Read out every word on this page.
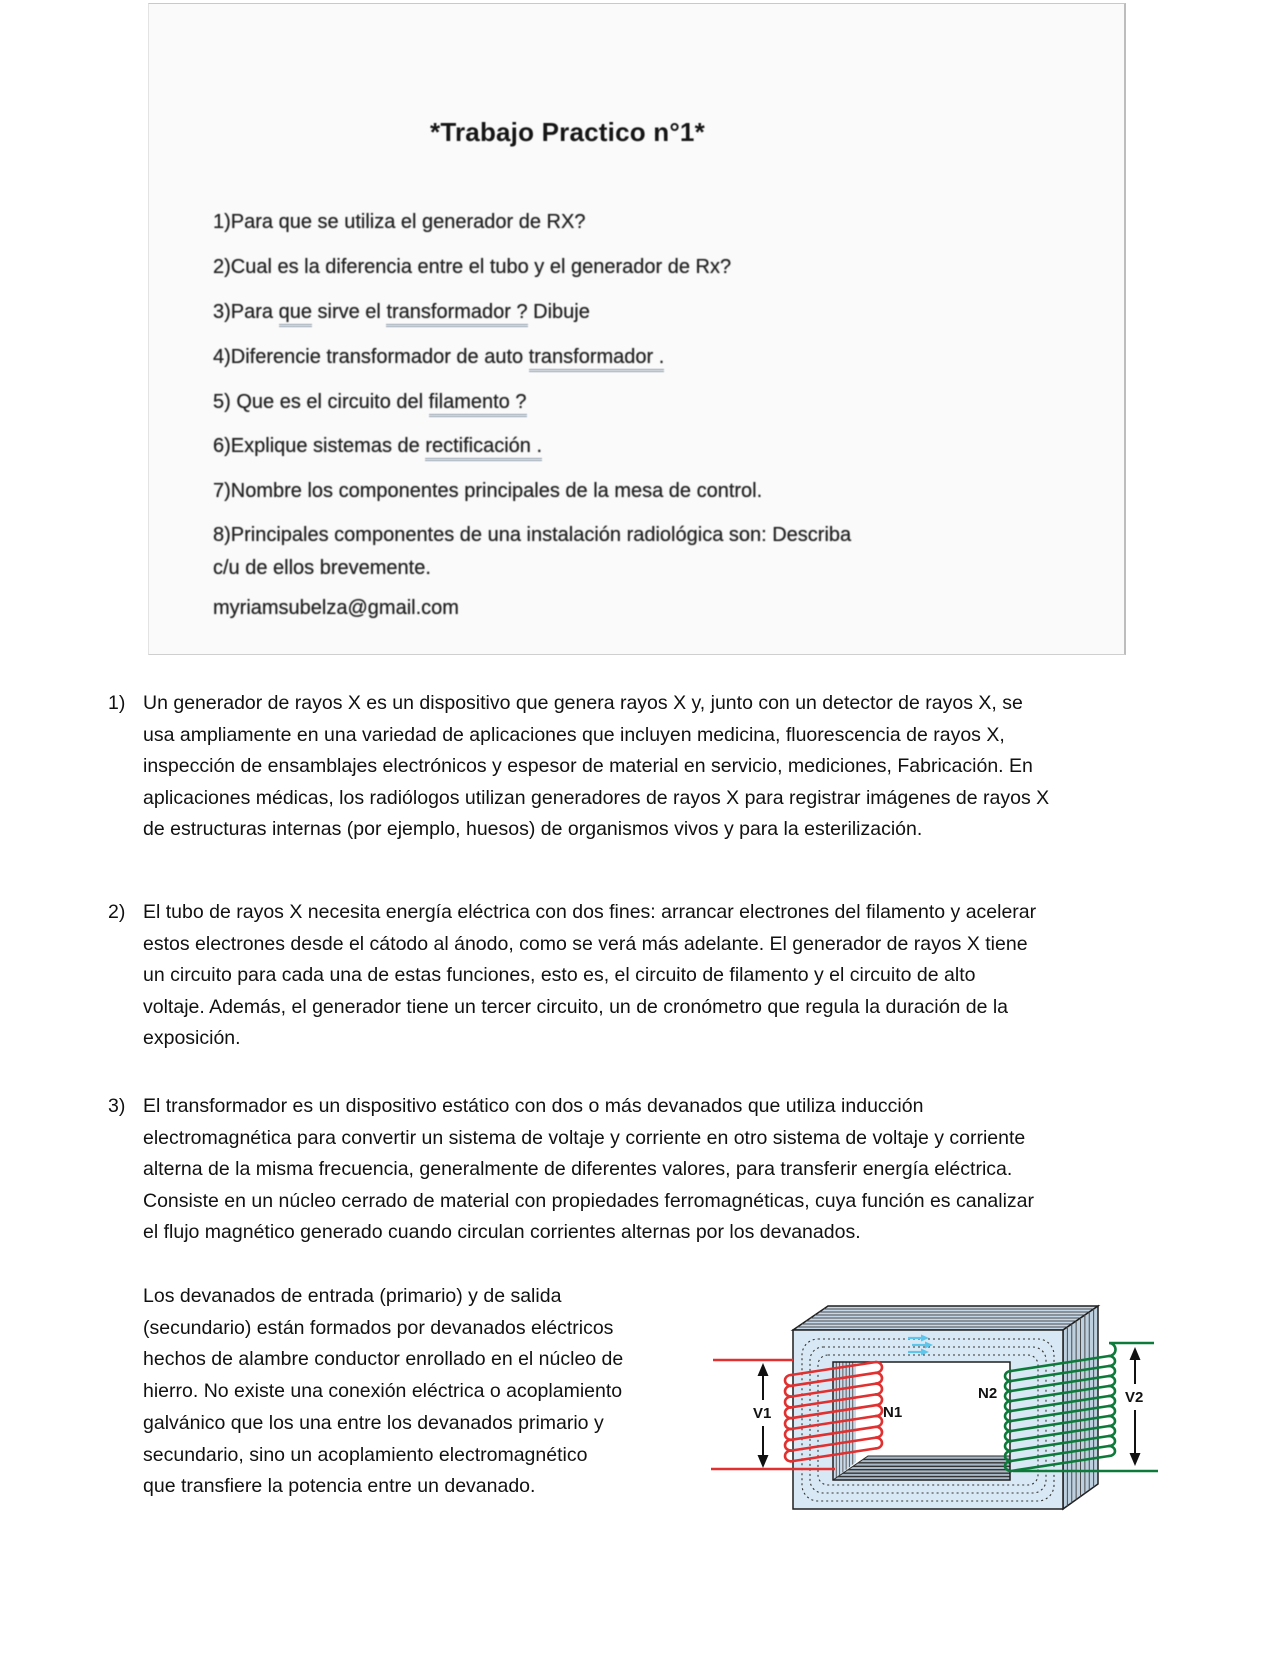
*Trabajo Practico n°1*
1)Para que se utiliza el generador de RX?
2)Cual es la diferencia entre el tubo y el generador de Rx?
3)Para que sirve el transformador ? Dibuje
4)Diferencie transformador de auto transformador .
5) Que es el circuito del filamento ?
6)Explique sistemas de rectificación .
7)Nombre los componentes principales de la mesa de control.
8)Principales componentes de una instalación radiológica son: Describa
c/u de ellos brevemente.
myriamsubelza@gmail.com
1) Un generador de rayos X es un dispositivo que genera rayos X y, junto con un detector de rayos X, se
usa ampliamente en una variedad de aplicaciones que incluyen medicina, fluorescencia de rayos X,
inspección de ensamblajes electrónicos y espesor de material en servicio, mediciones, Fabricación. En
aplicaciones médicas, los radiólogos utilizan generadores de rayos X para registrar imágenes de rayos X
de estructuras internas (por ejemplo, huesos) de organismos vivos y para la esterilización.
2) El tubo de rayos X necesita energía eléctrica con dos fines: arrancar electrones del filamento y acelerar
estos electrones desde el cátodo al ánodo, como se verá más adelante. El generador de rayos X tiene
un circuito para cada una de estas funciones, esto es, el circuito de filamento y el circuito de alto
voltaje. Además, el generador tiene un tercer circuito, un de cronómetro que regula la duración de la
exposición.
3) El transformador es un dispositivo estático con dos o más devanados que utiliza inducción
electromagnética para convertir un sistema de voltaje y corriente en otro sistema de voltaje y corriente
alterna de la misma frecuencia, generalmente de diferentes valores, para transferir energía eléctrica.
Consiste en un núcleo cerrado de material con propiedades ferromagnéticas, cuya función es canalizar
el flujo magnético generado cuando circulan corrientes alternas por los devanados.
Los devanados de entrada (primario) y de salida
(secundario) están formados por devanados eléctricos
hechos de alambre conductor enrollado en el núcleo de
hierro. No existe una conexión eléctrica o acoplamiento
galvánico que los una entre los devanados primario y
secundario, sino un acoplamiento electromagnético
que transfiere la potencia entre un devanado.
V1
V2
N1
N2
